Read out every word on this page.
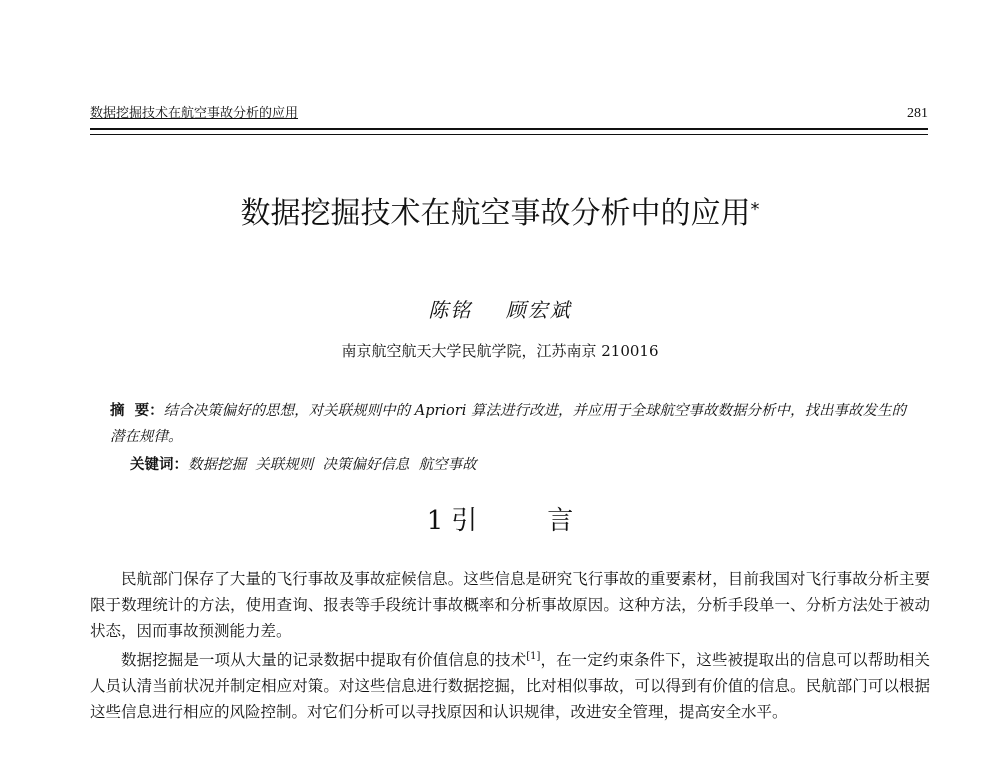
数据挖掘技术在航空事故分析的应用	281
数据挖掘技术在航空事故分析中的应用*
陈铭    顾宏斌
南京航空航天大学民航学院，江苏南京 210016
摘  要：结合决策偏好的思想，对关联规则中的 Apriori 算法进行改进，并应用于全球航空事故数据分析中，找出事故发生的潜在规律。
关键词：数据挖掘  关联规则  决策偏好信息  航空事故
1 引	言

民航部门保存了大量的飞行事故及事故症候信息。这些信息是研究飞行事故的重要素材，目前我国对飞行事故分析主要限于数理统计的方法，使用查询、报表等手段统计事故概率和分析事故原因。这种方法，分析手段单一、分析方法处于被动状态，因而事故预测能力差。

数据挖掘是一项从大量的记录数据中提取有价值信息的技术[1]，在一定约束条件下，这些被提取出的信息可以帮助相关人员认清当前状况并制定相应对策。对这些信息进行数据挖掘，比对相似事故，可以得到有价值的信息。民航部门可以根据这些信息进行相应的风险控制。对它们分析可以寻找原因和认识规律，改进安全管理，提高安全水平。
